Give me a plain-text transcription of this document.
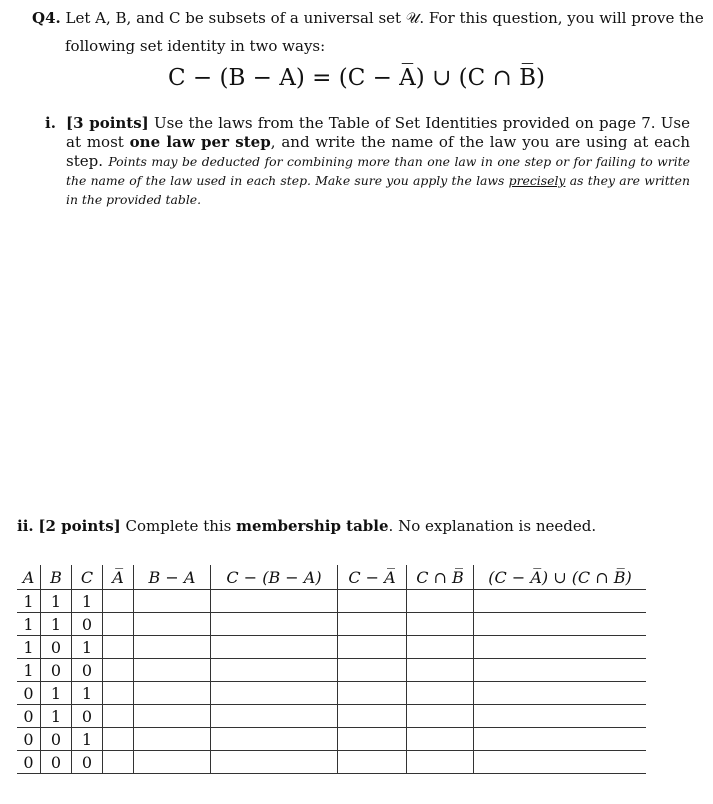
Q4. Let A, B, and C be subsets of a universal set 𝒰. For this question, you will prove the
following set identity in two ways:
C − (B − A) = (C − A̅) ∪ (C ∩ B̅)
i. [3 points] Use the laws from the Table of Set Identities provided on page 7. Use at most one law per step, and write the name of the law you are using at each step. Points may be deducted for combining more than one law in one step or for failing to write the name of the law used in each step. Make sure you apply the laws precisely as they are written in the provided table.
ii. [2 points] Complete this membership table. No explanation is needed.
A	B	C	A̅	B − A	C − (B − A)	C − A̅	C ∩ B̅	(C − A̅) ∪ (C ∩ B̅)
1	1	1						
1	1	0						
1	0	1						
1	0	0						
0	1	1						
0	1	0						
0	0	1						
0	0	0						
